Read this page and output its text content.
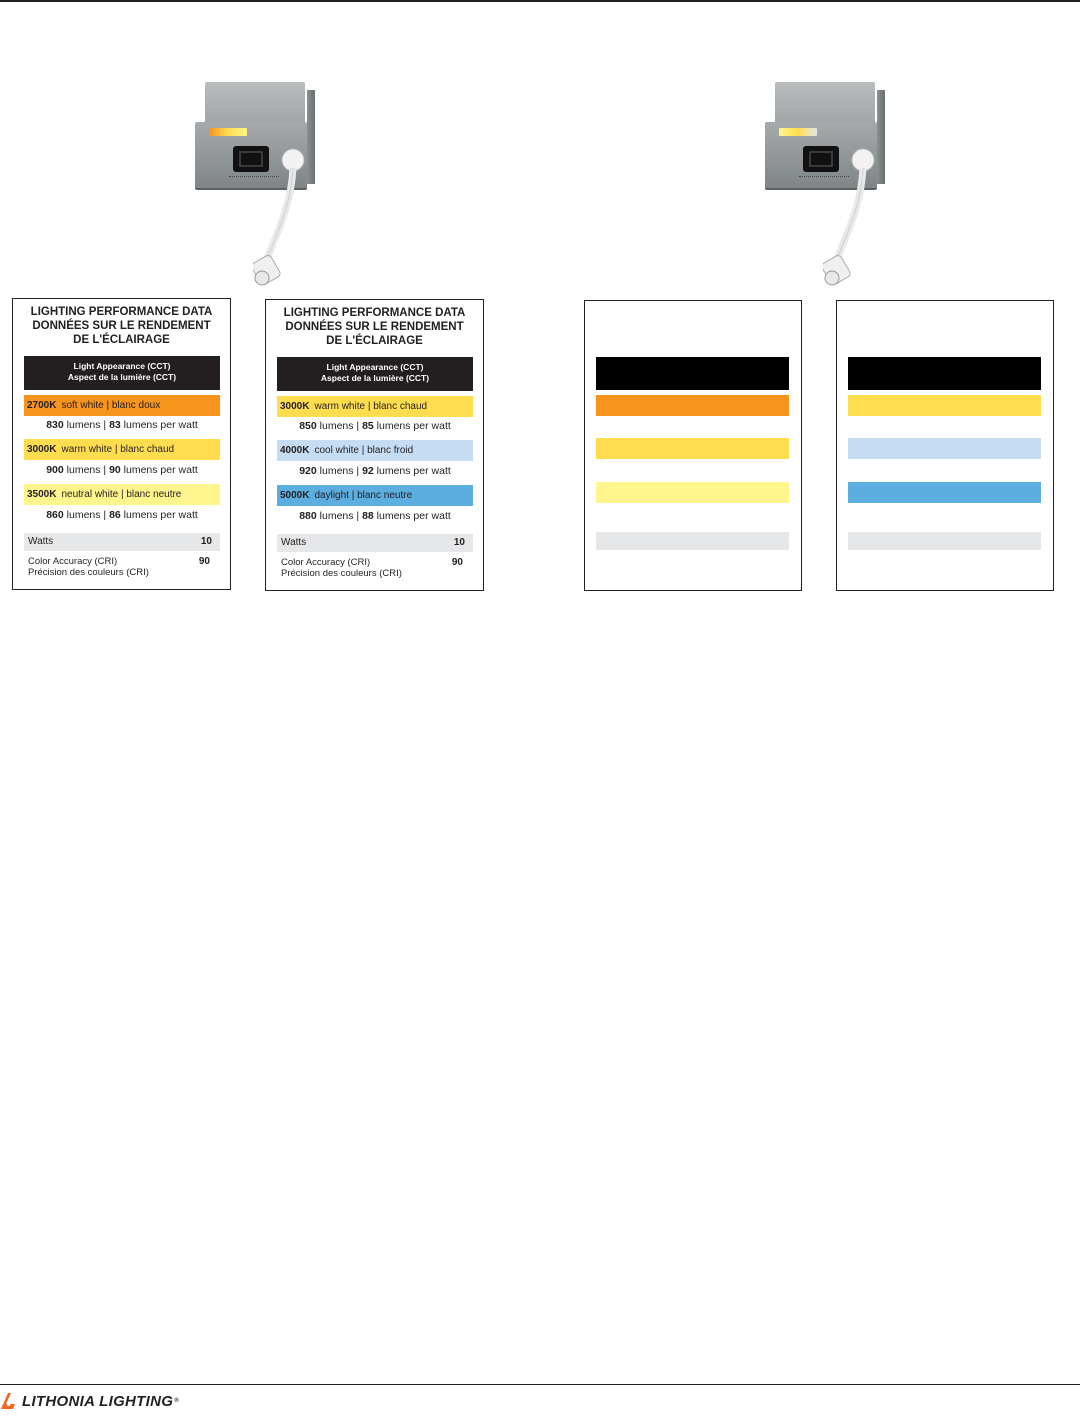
LIGHTING PERFORMANCE DATA
DONNÉES SUR LE RENDEMENT
DE L'ÉCLAIRAGE
Light Appearance (CCT)
Aspect de la lumière (CCT)
2700K soft white | blanc doux
830 lumens | 83 lumens per watt
3000K warm white | blanc chaud
900 lumens | 90 lumens per watt
3500K neutral white | blanc neutre
860 lumens | 86 lumens per watt
Watts	10
Color Accuracy (CRI)
Précision des couleurs (CRI)
90
LIGHTING PERFORMANCE DATA
DONNÉES SUR LE RENDEMENT
DE L'ÉCLAIRAGE
Light Appearance (CCT)
Aspect de la lumière (CCT)
3000K warm white | blanc chaud
850 lumens | 85 lumens per watt
4000K cool white | blanc froid
920 lumens | 92 lumens per watt
5000K daylight | blanc neutre
880 lumens | 88 lumens per watt
Watts	10
Color Accuracy (CRI)
Précision des couleurs (CRI)
90
LITHONIA LIGHTING ®
